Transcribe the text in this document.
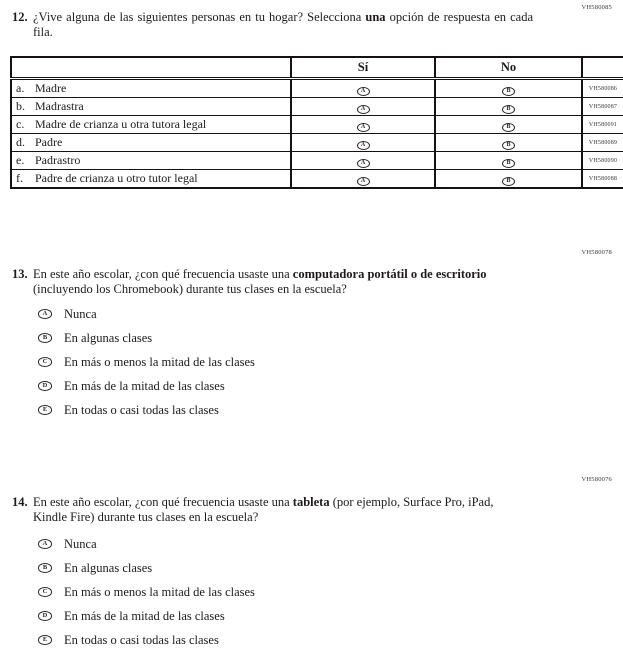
VH580085
12. ¿Vive alguna de las siguientes personas en tu hogar? Selecciona una opción de respuesta en cada fila.
	Sí	No	
a. Madre	A	B	VH580086
b. Madrastra	A	B	VH580087
c. Madre de crianza u otra tutora legal	A	B	VH580091
d. Padre	A	B	VH580089
e. Padrastro	A	B	VH580090
f. Padre de crianza u otro tutor legal	A	B	VH580088
VH580078
13. En este año escolar, ¿con qué frecuencia usaste una computadora portátil o de escritorio (incluyendo los Chromebook) durante tus clases en la escuela?
A	Nunca
B	En algunas clases
C	En más o menos la mitad de las clases
D	En más de la mitad de las clases
E	En todas o casi todas las clases
VH580076
14. En este año escolar, ¿con qué frecuencia usaste una tableta (por ejemplo, Surface Pro, iPad, Kindle Fire) durante tus clases en la escuela?
A	Nunca
B	En algunas clases
C	En más o menos la mitad de las clases
D	En más de la mitad de las clases
E	En todas o casi todas las clases
